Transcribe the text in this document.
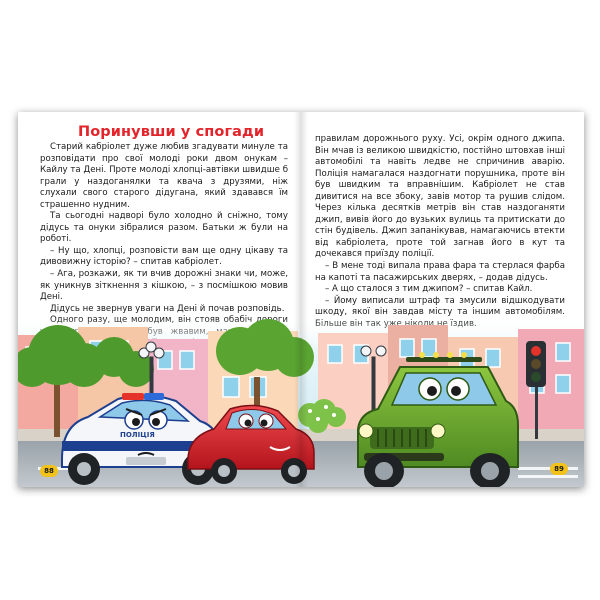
Поринувши у спогади

Старий кабріолет дуже любив згадувати минуле та розповідати про свої молоді роки двом онукам – Кайлу та Дені. Проте молоді хлопці-автівки швидше б грали у наздоганялки та квача з друзями, ніж слухали свого старого дідугана, який здавався їм страшенно нудним.

Та сьогодні надворі було холодно й сніжно, тому дідусь та онуки зібралися разом. Батьки ж були на роботі.

– Ну що, хлопці, розповісти вам ще одну цікаву та дивовижну історію? – спитав кабріолет.

– Ага, розкажи, як ти вчив дорожні знаки чи, може, як уникнув зіткнення з кішкою, – з посмішкою мовив Дені.

Дідусь не звернув уваги на Дені й почав розповідь.

правилам дорожнього руху. Усі, окрім одного джипа. Він мчав із великою швидкістю, постійно штовхав інші автомобілі та навіть ледве не спричинив аварію. Поліція намагалася наздогнати порушника, проте він був швидким та вправнішим. Кабріолет не став дивитися на все збоку, завів мотор та рушив слідом. Через кілька десятків метрів він став наздоганяти джип, вивів його до вузьких вулиць та притискати до стін будівель. Джип запанікував, намагаючись втекти від кабріолета, проте той загнав його в кут та дочекався приїзду поліції.

– В мене тоді випала права фара та стерлася фарба на капоті та пасажирських дверях, – додав дідусь.

– А що сталося з тим джипом? – спитав Кайл.

– Йому виписали штраф та змусили відшкодувати шкоду, якої він завдав місту та іншим автомобілям.

ПОЛІЦІЯ
88	89
